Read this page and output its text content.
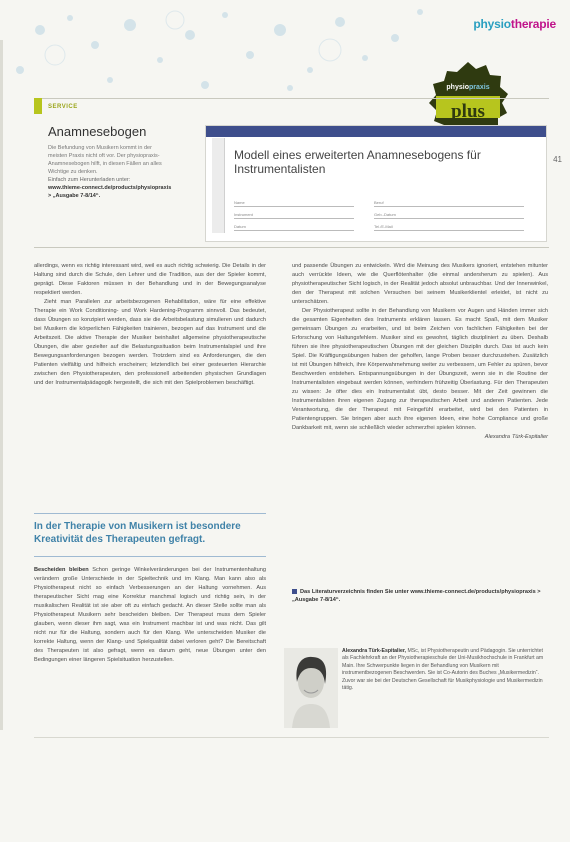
physiotherapie
41
physiopraxis
plus
SERVICE
Anamnesebogen
Die Befundung von Musikern kommt in der meisten Praxis nicht oft vor. Der physiopraxis-Anamnesebogen hilft, in diesen Fällen an alles Wichtige zu denken.
Einfach zum Herunterladen unter:
www.thieme-connect.de/products/physiopraxis > „Ausgabe 7-8/14“.
Modell eines erweiterten Anamnesebogens für Instrumentalisten
Name	Beruf
Instrument	Geb.-Datum
Datum	Tel./E-Mail

allerdings, wenn es richtig interessant wird, weil es auch richtig schwierig. Die Details in der Haltung sind durch die Schule, den Lehrer und die Tradition, aus der der Spieler kommt, geprägt. Diese Faktoren müssen in der Behandlung und in der Bewegungsanalyse respektiert werden.

Zieht man Parallelen zur arbeitsbezogenen Rehabilitation, wäre für eine effektive Therapie ein Work Conditioning- und Work Hardening-Programm sinnvoll. Das bedeutet, dass Übungen so konzipiert werden, dass sie die Arbeitsbelastung simulieren und dadurch bei Musikern die körperlichen Fähigkeiten trainieren, bezogen auf das Instrument und die Arbeitszeit. Die aktive Therapie der Musiker beinhaltet allgemeine physiotherapeutische Übungen, die aber gezielter auf die Belastungssituation beim Instrumentalspiel und ihre Bewegungsanforderungen bezogen werden. Trotzdem sind es Anforderungen, die den Patienten vielfältig und hilfreich erscheinen; letztendlich bei einer gesteuerten Hierarchie zwischen den Physiotherapeuten, den professionell arbeitenden physischen Grundlagen und der Instrumentalpädagogik hergestellt, die sich mit den Spielproblemen beschäftigt.

In der Therapie von Musikern ist besondere Kreativität des Therapeuten gefragt.

Bescheiden bleiben Schon geringe Winkelveränderungen bei der Instrumentenhaltung verändern große Unterschiede in der Spieltechnik und im Klang. Man kann also als Physiotherapeut nicht so einfach Verbesserungen an der Haltung vornehmen. Aus therapeutischer Sicht mag eine Korrektur manchmal logisch und richtig sein, in der musikalischen Realität ist sie aber oft zu einfach gedacht. An dieser Stelle sollte man als Physiotherapeut Musikern sehr bescheiden bleiben. Der Therapeut muss dem Spieler glauben, wenn dieser ihm sagt, was ein Instrument machbar ist und was nicht. Das gilt nicht nur für die Haltung, sondern auch für den Klang. Wie unterscheiden Musiker die korrekte Haltung, wenn der Klang- und Spielqualität dabei verloren geht? Die Bereitschaft des Therapeuten ist also gefragt, wenn es darum geht, neue Übungen unter den Bedingungen einer längeren Spielsituation herzustellen.

und passende Übungen zu entwickeln. Wird die Meinung des Musikers ignoriert, entstehen mitunter auch verrückte Ideen, wie die Querflötenhalter (die einmal andersherum zu spielen). Aus physiotherapeutischer Sicht logisch, in der Realität jedoch absolut unbrauchbar. Und der Innenwinkel, den der Therapeut mit solchen Versuchen bei seinem Musikerklientel erleidet, ist nicht zu unterschätzen.

Der Physiotherapeut sollte in der Behandlung von Musikern vor Augen und Händen immer sich die gesamten Eigenheiten des Instruments erklären lassen. Es macht Spaß, mit dem Musiker gemeinsam Übungen zu erarbeiten, und ist beim Zeichen von fachlichen Fähigkeiten bei der Erforschung von Haltungsfehlern. Musiker sind es gewohnt, täglich diszipliniert zu üben. Deshalb führen sie ihre physiotherapeutischen Übungen mit der gleichen Disziplin durch. Das ist auch kein Spiel. Die Kräftigungsübungen haben der geholfen, lange Proben besser durchzustehen. Zusätzlich ist mit Übungen hilfreich, ihre Körperwahrnehmung weiter zu verbessern, um Fehler zu spüren, bevor Beschwerden entstehen. Entspannungsübungen in der Übungszeit, wenn sie in die Routine der Instrumentalisten eingebaut werden können, verhindern frühzeitig Überlastung. Für den Therapeuten zu wissen: Je öfter dies ein Instrumentalist übt, desto besser. Mit der Zeit gewinnen die Instrumentalisten ihren eigenen Zugang zur therapeutischen Arbeit und anderen Patienten. Jede Verantwortung, die der Therapeut mit Feingefühl erarbeitet, wird bei den Patienten in Patientengruppen. Sie bringen aber auch ihre eigenen Ideen, eine hohe Compliance und große Dankbarkeit mit, wenn sie schließlich wieder schmerzfrei spielen können.

Alexandra Türk-Espitalier

Das Literaturverzeichnis finden Sie unter www.thieme-connect.de/products/physiopraxis > „Ausgabe 7-8/14“.
Alexandra Türk-Espitalier, MSc, ist Physiotherapeutin und Pädagogin. Sie unterrichtet als Fachlehrkraft an der Physiotherapieschule der Uni-Musikhochschule in Frankfurt am Main. Ihre Schwerpunkte liegen in der Behandlung von Musikern mit instrumentbezogenen Beschwerden. Sie ist Co-Autorin des Buches „Musikermedizin“. Zuvor war sie bei der Deutschen Gesellschaft für Musikphysiologie und Musikermedizin tätig.
